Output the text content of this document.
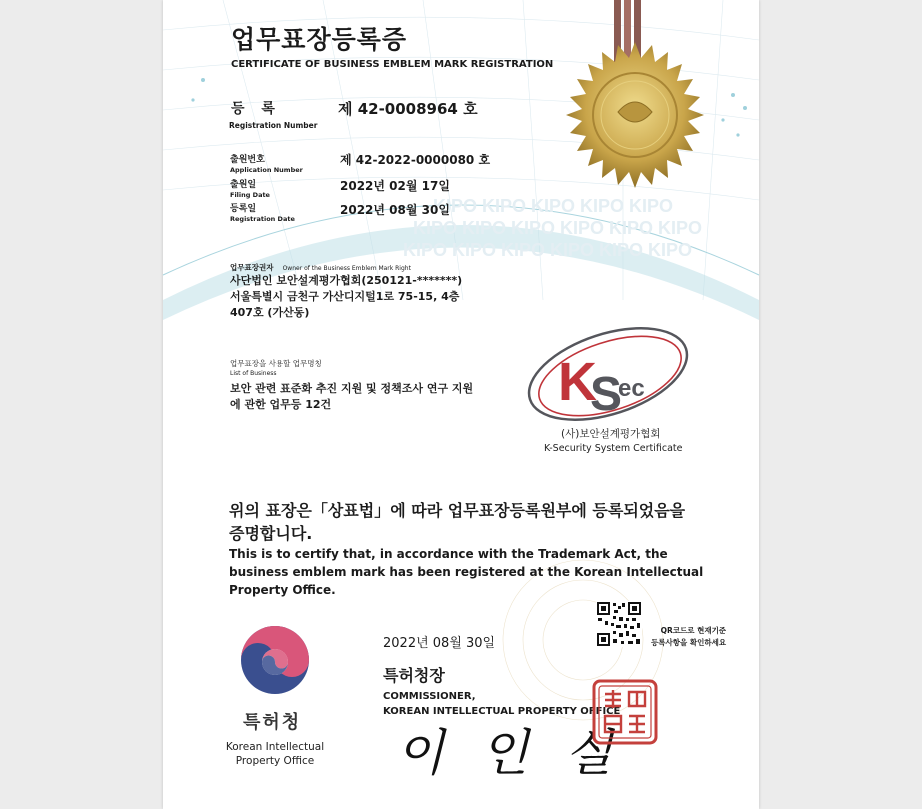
KIPO KIPO KIPO KIPO KIPO
KIPO KIPO KIPO KIPO KIPO KIPO
KIPO KIPO KIPO KIPO KIPO KIPO
업무표장등록증
CERTIFICATE OF BUSINESS EMBLEM MARK REGISTRATION
등 록
Registration Number
제 42-0008964 호
출원번호
Application Number
제 42-2022-0000080 호
출원일
Filing Date
2022년 02월 17일
등록일
Registration Date
2022년 08월 30일
업무표장권자 Owner of the Business Emblem Mark Right
사단법인 보안설계평가협회(250121-*******)
서울특별시 금천구 가산디지털1로 75-15, 4층
407호 (가산동)
업무표장을 사용할 업무명칭
List of Business
보안 관련 표준화 추진 지원 및 정책조사 연구 지원
에 관한 업무등 12건	K
S
ec
(사)보안설계평가협회
K-Security System Certificate
위의 표장은「상표법」에 따라 업무표장등록원부에 등록되었음을 증명합니다.
This is to certify that, in accordance with the Trademark Act, the business emblem mark has been registered at the Korean Intellectual Property Office.
QR코드로 현재기준
등록사항을 확인하세요
2022년 08월 30일
특허청장
COMMISSIONER,
KOREAN INTELLECTUAL PROPERTY OFFICE
이 인 실
특허청
Korean Intellectual Property Office
